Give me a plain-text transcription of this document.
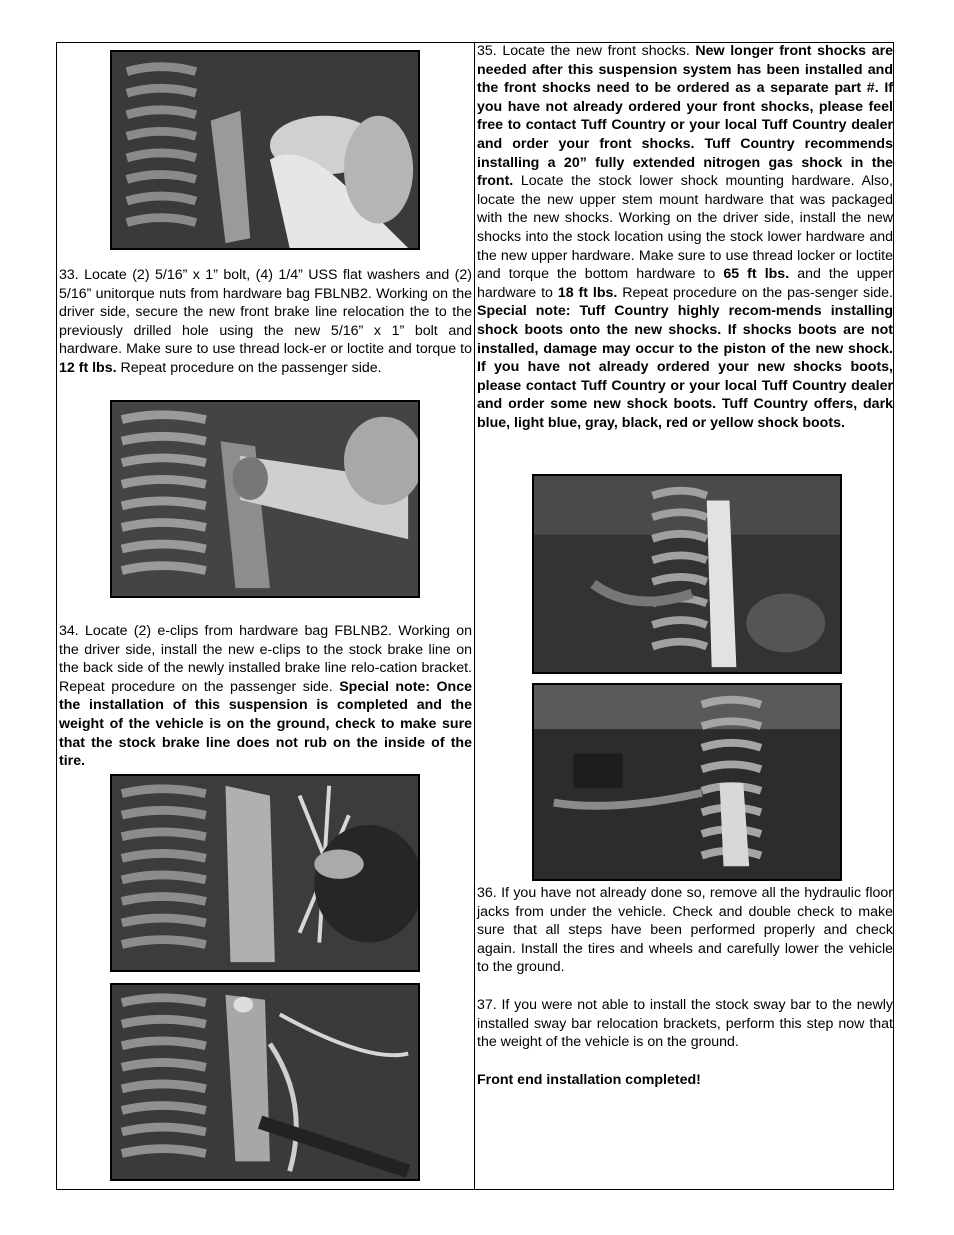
33. Locate (2) 5/16” x 1” bolt, (4) 1/4” USS flat washers and (2) 5/16” unitorque nuts from hardware bag FBLNB2. Working on the driver side, secure the new front brake line relocation the to the previously drilled hole using the new 5/16” x 1” bolt and hardware. Make sure to use thread lock-er or loctite and torque to 12 ft lbs. Repeat procedure on the passenger side.
34. Locate (2) e-clips from hardware bag FBLNB2. Working on the driver side, install the new e-clips to the stock brake line on the back side of the newly installed brake line relo-cation bracket. Repeat procedure on the passenger side. Special note: Once the installation of this suspension is completed and the weight of the vehicle is on the ground, check to make sure that the stock brake line does not rub on the inside of the tire.
35. Locate the new front shocks. New longer front shocks are needed after this suspension system has been installed and the front shocks need to be ordered as a separate part #. If you have not already ordered your front shocks, please feel free to contact Tuff Country or your local Tuff Country dealer and order your front shocks. Tuff Country recommends installing a 20” fully extended nitrogen gas shock in the front. Locate the stock lower shock mounting hardware. Also, locate the new upper stem mount hardware that was packaged with the new shocks. Working on the driver side, install the new shocks into the stock location using the stock lower hardware and the new upper hardware. Make sure to use thread locker or loctite and torque the bottom hardware to 65 ft lbs. and the upper hardware to 18 ft lbs. Repeat procedure on the pas-senger side. Special note: Tuff Country highly recom-mends installing shock boots onto the new shocks. If shocks boots are not installed, damage may occur to the piston of the new shock. If you have not already ordered your new shocks boots, please contact Tuff Country or your local Tuff Country dealer and order some new shock boots. Tuff Country offers, dark blue, light blue, gray, black, red or yellow shock boots.
36. If you have not already done so, remove all the hydraulic floor jacks from under the vehicle. Check and double check to make sure that all steps have been performed properly and check again. Install the tires and wheels and carefully lower the vehicle to the ground.
37. If you were not able to install the stock sway bar to the newly installed sway bar relocation brackets, perform this step now that the weight of the vehicle is on the ground.
Front end installation completed!
